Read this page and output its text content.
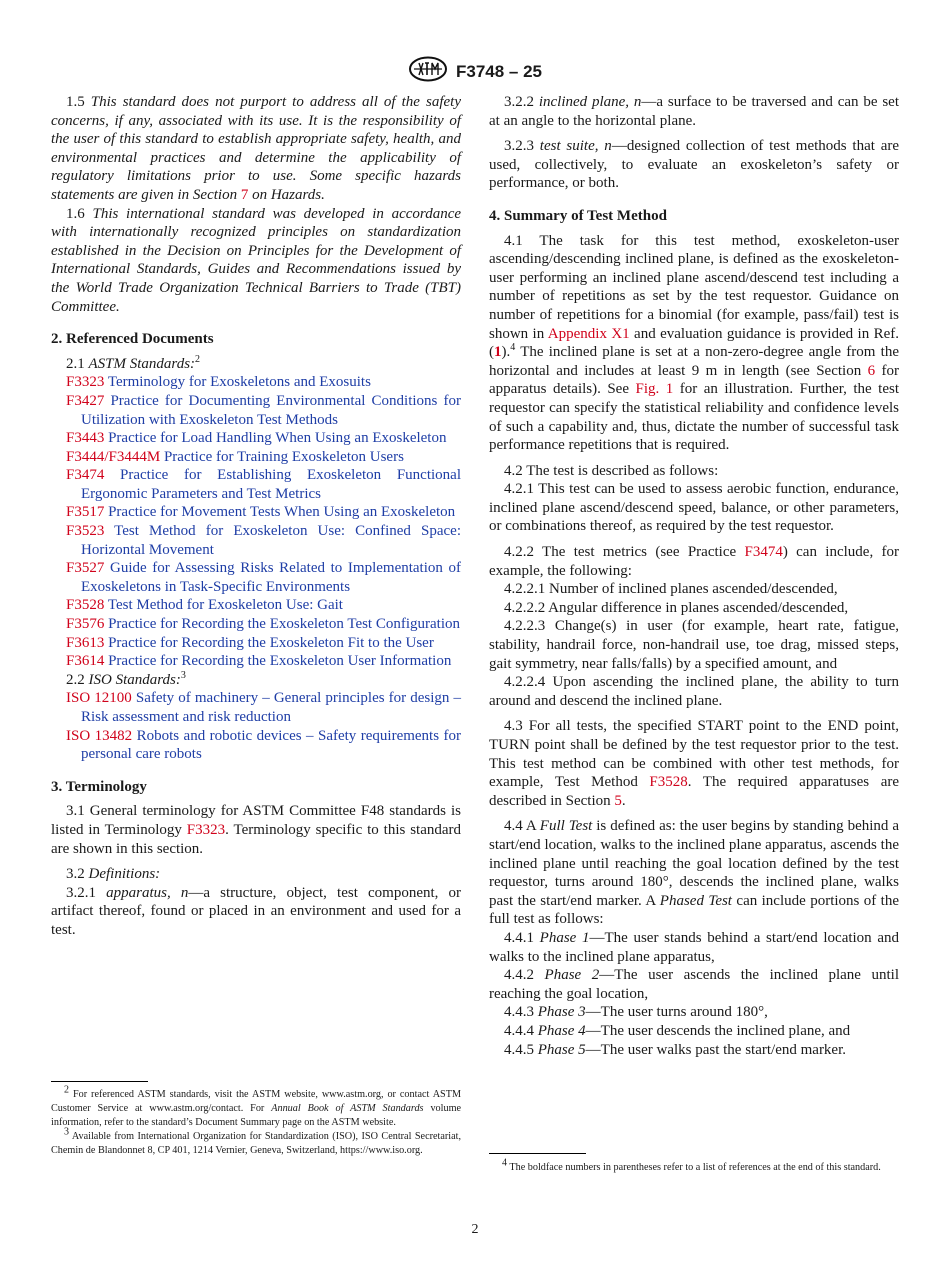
F3748 – 25

1.5 This standard does not purport to address all of the safety concerns, if any, associated with its use. It is the responsibility of the user of this standard to establish appropriate safety, health, and environmental practices and determine the applicability of regulatory limitations prior to use. Some specific hazards statements are given in Section 7 on Hazards.

1.6 This international standard was developed in accordance with internationally recognized principles on standardization established in the Decision on Principles for the Development of International Standards, Guides and Recommendations issued by the World Trade Organization Technical Barriers to Trade (TBT) Committee.

2. Referenced Documents

2.1 ASTM Standards:$^2$

F3323 Terminology for Exoskeletons and Exosuits

F3427 Practice for Documenting Environmental Conditions for Utilization with Exoskeleton Test Methods

F3443 Practice for Load Handling When Using an Exoskeleton

F3444/F3444M Practice for Training Exoskeleton Users

F3474 Practice for Establishing Exoskeleton Functional Ergonomic Parameters and Test Metrics

F3517 Practice for Movement Tests When Using an Exoskeleton

F3523 Test Method for Exoskeleton Use: Confined Space: Horizontal Movement

F3527 Guide for Assessing Risks Related to Implementation of Exoskeletons in Task-Specific Environments

F3528 Test Method for Exoskeleton Use: Gait

F3576 Practice for Recording the Exoskeleton Test Configuration

F3613 Practice for Recording the Exoskeleton Fit to the User

F3614 Practice for Recording the Exoskeleton User Information

2.2 ISO Standards:$^3$

ISO 12100 Safety of machinery – General principles for design – Risk assessment and risk reduction

ISO 13482 Robots and robotic devices – Safety requirements for personal care robots

3. Terminology

3.1 General terminology for ASTM Committee F48 standards is listed in Terminology F3323. Terminology specific to this standard are shown in this section.

3.2 Definitions:

3.2.1 apparatus, n—a structure, object, test component, or artifact thereof, found or placed in an environment and used for a test.

$^2$ For referenced ASTM standards, visit the ASTM website, www.astm.org, or contact ASTM Customer Service at www.astm.org/contact. For Annual Book of ASTM Standards volume information, refer to the standard’s Document Summary page on the ASTM website.

$^3$ Available from International Organization for Standardization (ISO), ISO Central Secretariat, Chemin de Blandonnet 8, CP 401, 1214 Vernier, Geneva, Switzerland, https://www.iso.org.

3.2.2 inclined plane, n—a surface to be traversed and can be set at an angle to the horizontal plane.

3.2.3 test suite, n—designed collection of test methods that are used, collectively, to evaluate an exoskeleton’s safety or performance, or both.

4. Summary of Test Method

4.1 The task for this test method, exoskeleton-user ascending/descending inclined plane, is defined as the exoskeleton-user performing an inclined plane ascend/descend test including a number of repetitions as set by the test requestor. Guidance on number of repetitions for a binomial (for example, pass/fail) test is shown in Appendix X1 and evaluation guidance is provided in Ref. (1).$^4$ The inclined plane is set at a non-zero-degree angle from the horizontal and includes at least 9 m in length (see Section 6 for apparatus details). See Fig. 1 for an illustration. Further, the test requestor can specify the statistical reliability and confidence levels of such a capability and, thus, dictate the number of successful task performance repetitions that is required.

4.2 The test is described as follows:

4.2.1 This test can be used to assess aerobic function, endurance, inclined plane ascend/descend speed, balance, or other parameters, or combinations thereof, as required by the test requestor.

4.2.2 The test metrics (see Practice F3474) can include, for example, the following:

4.2.2.1 Number of inclined planes ascended/descended,

4.2.2.2 Angular difference in planes ascended/descended,

4.2.2.3 Change(s) in user (for example, heart rate, fatigue, stability, handrail force, non-handrail use, toe drag, missed steps, gait symmetry, near falls/falls) by a specified amount, and

4.2.2.4 Upon ascending the inclined plane, the ability to turn around and descend the inclined plane.

4.3 For all tests, the specified START point to the END point, TURN point shall be defined by the test requestor prior to the test. This test method can be combined with other test methods, for example, Test Method F3528. The required apparatuses are described in Section 5.

4.4 A Full Test is defined as: the user begins by standing behind a start/end location, walks to the inclined plane apparatus, ascends the inclined plane until reaching the goal location defined by the test requestor, turns around 180°, descends the inclined plane, walks past the start/end marker. A Phased Test can include portions of the full test as follows:

4.4.1 Phase 1—The user stands behind a start/end location and walks to the inclined plane apparatus,

4.4.2 Phase 2—The user ascends the inclined plane until reaching the goal location,

4.4.3 Phase 3—The user turns around 180°,

4.4.4 Phase 4—The user descends the inclined plane, and

4.4.5 Phase 5—The user walks past the start/end marker.

$^4$ The boldface numbers in parentheses refer to a list of references at the end of this standard.

2
